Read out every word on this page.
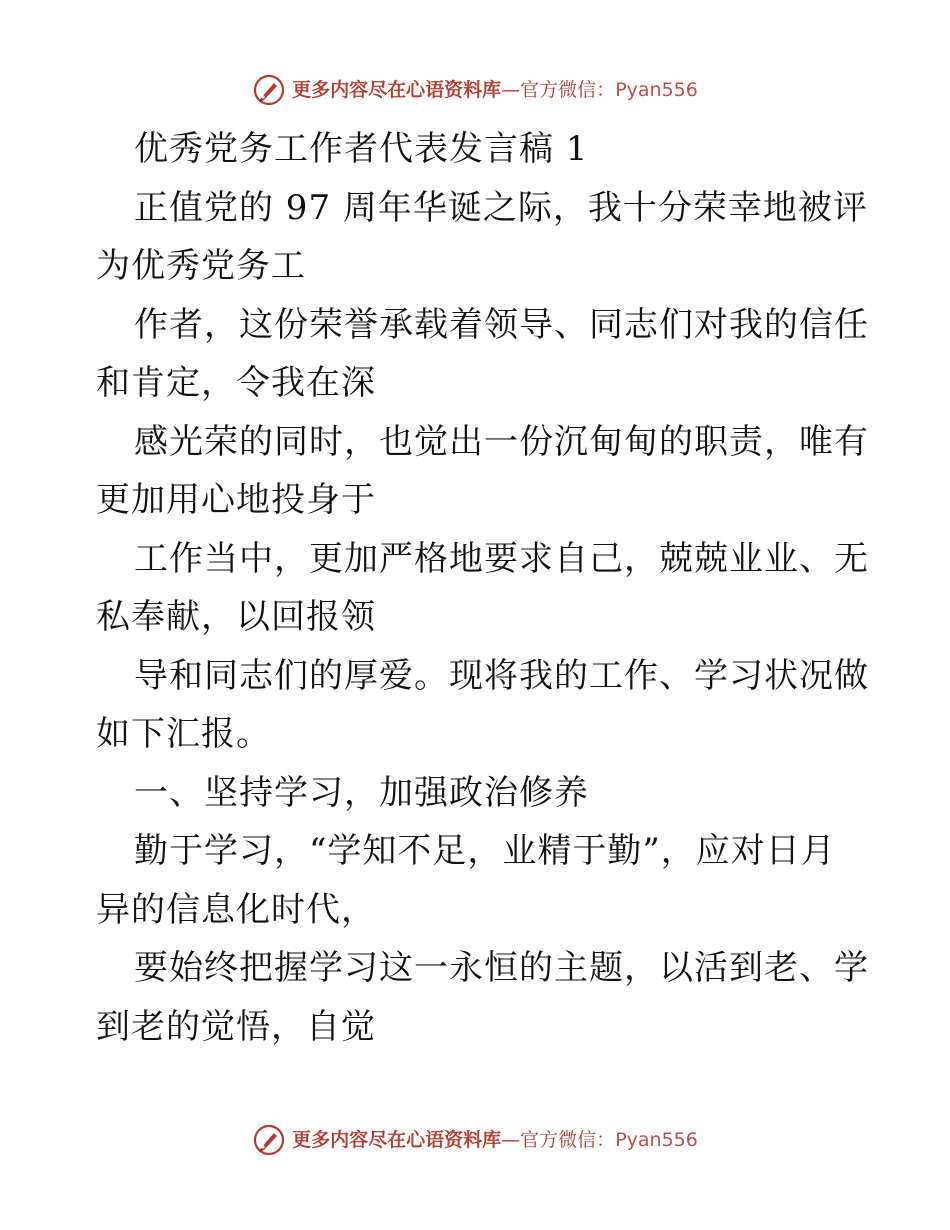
更多内容尽在心语资料库—官方微信：Pyan556
优秀党务工作者代表发言稿 1
正值党的 97 周年华诞之际，我十分荣幸地被评
为优秀党务工
作者，这份荣誉承载着领导、同志们对我的信任
和肯定，令我在深
感光荣的同时，也觉出一份沉甸甸的职责，唯有
更加用心地投身于
工作当中，更加严格地要求自己，兢兢业业、无
私奉献，以回报领
导和同志们的厚爱。现将我的工作、学习状况做
如下汇报。
一、坚持学习，加强政治修养
勤于学习，“学知不足，业精于勤”，应对日月
异的信息化时代，
要始终把握学习这一永恒的主题，以活到老、学
到老的觉悟，自觉
更多内容尽在心语资料库—官方微信：Pyan556
